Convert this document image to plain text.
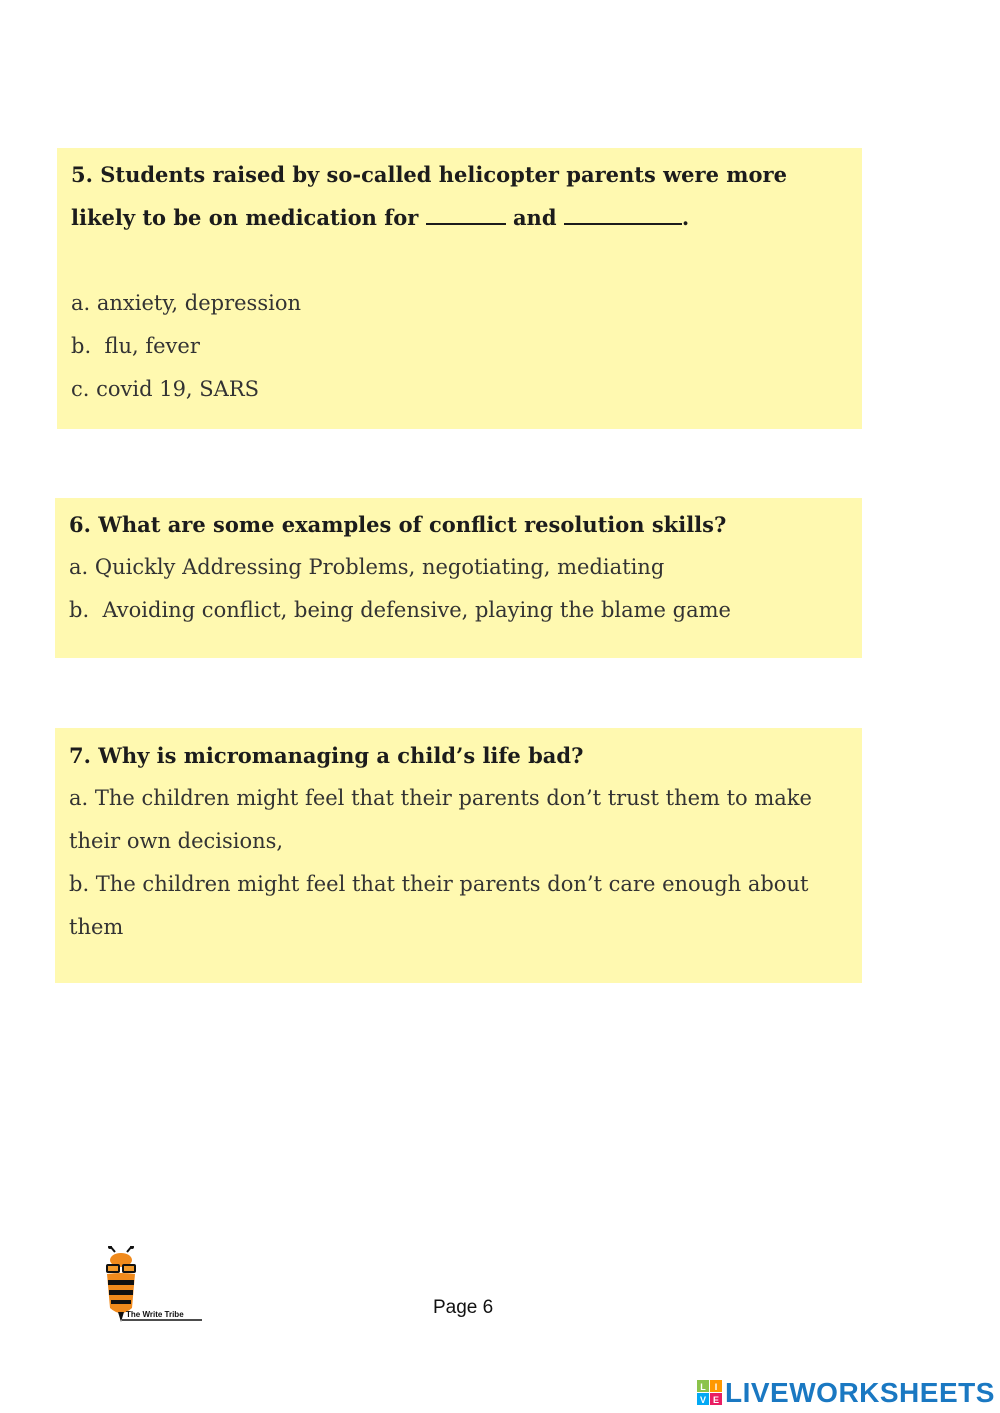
5. Students raised by so-called helicopter parents were more

likely to be on medication for	and	.

a. anxiety, depression

b.  flu, fever

c. covid 19, SARS

6. What are some examples of conflict resolution skills?

a. Quickly Addressing Problems, negotiating, mediating

b.  Avoiding conflict, being defensive, playing the blame game

7. Why is micromanaging a child’s life bad?

a. The children might feel that their parents don’t trust them to make their own decisions,

b. The children might feel that their parents don’t care enough about them

The Write Tribe	Page 6
L I
V E LIVEWORKSHEETS
